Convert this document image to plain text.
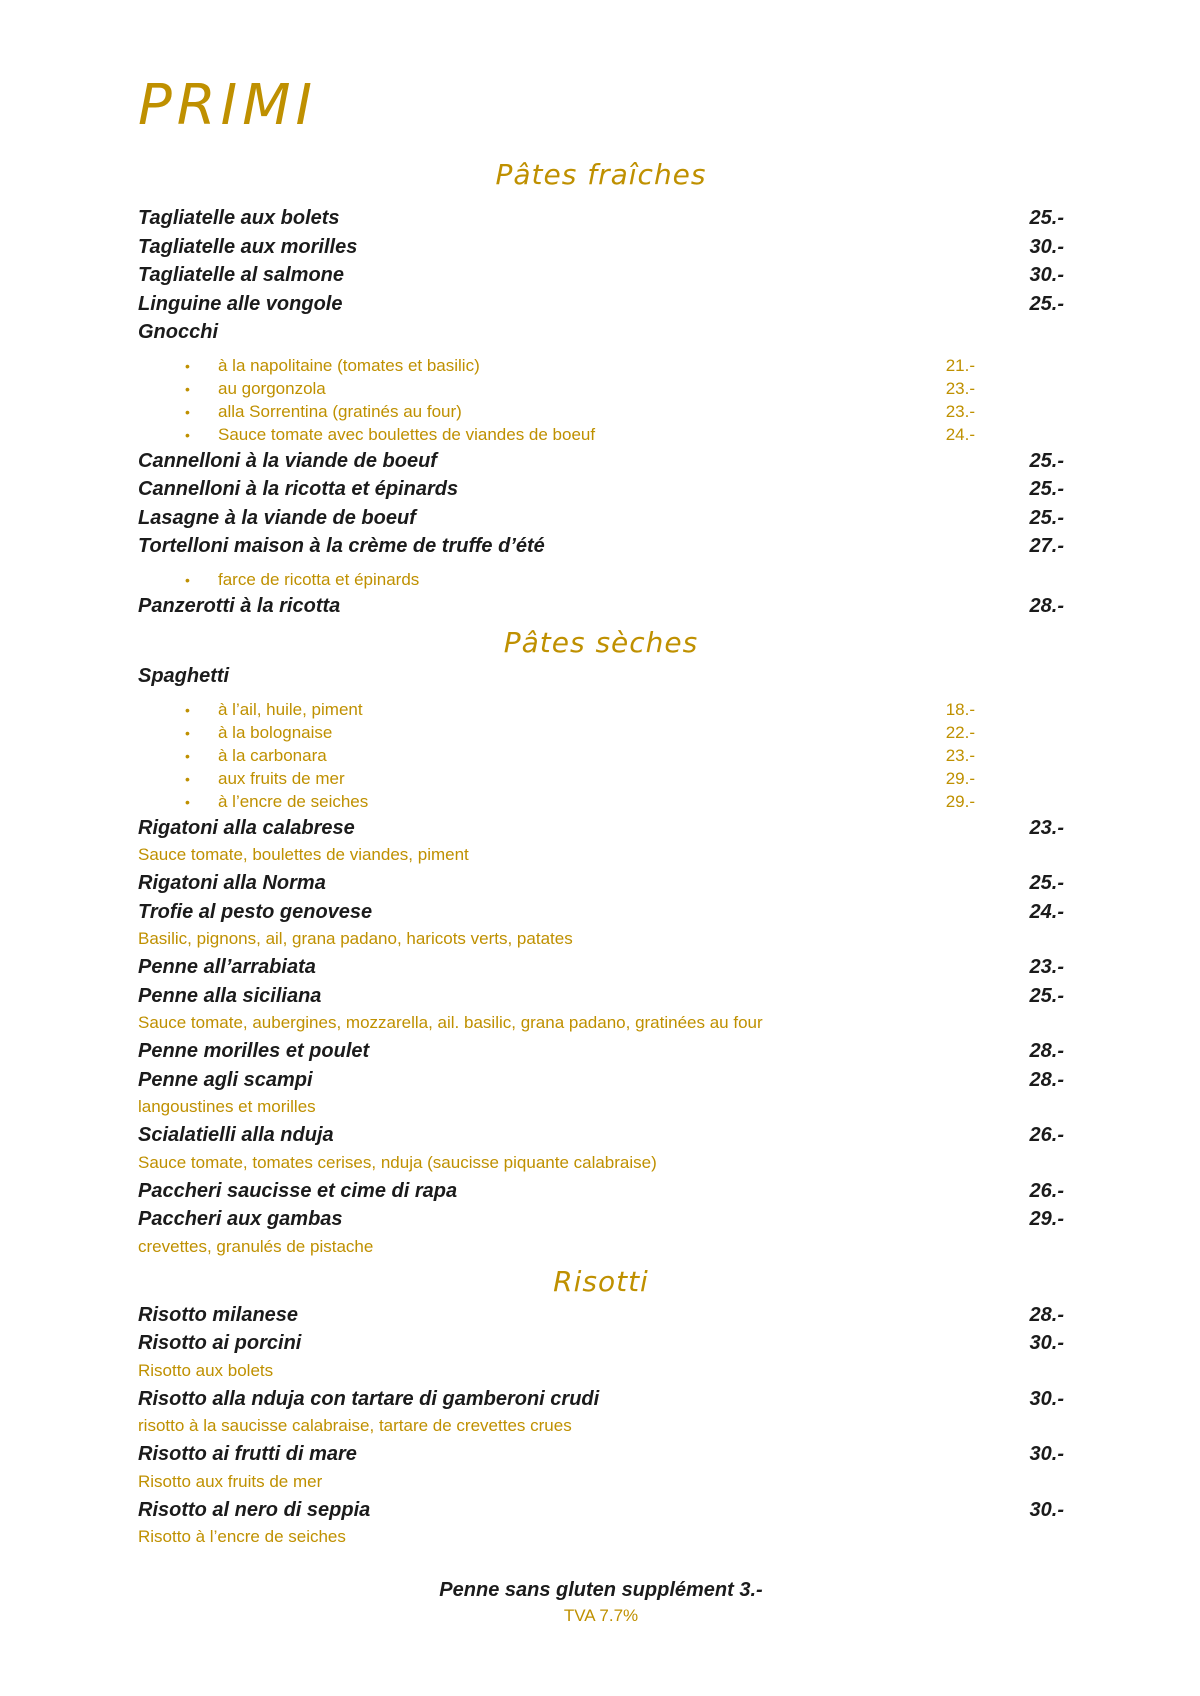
PRIMI
Pâtes fraîches
Tagliatelle aux bolets	25.-
Tagliatelle aux morilles	30.-
Tagliatelle al salmone	30.-
Linguine alle vongole	25.-
Gnocchi
•	à la napolitaine (tomates et basilic)	21.-
•	au gorgonzola	23.-
•	alla Sorrentina (gratinés au four)	23.-
•	Sauce tomate avec boulettes de viandes de boeuf	24.-
Cannelloni à la viande de boeuf	25.-
Cannelloni à la ricotta et épinards	25.-
Lasagne à la viande de boeuf	25.-
Tortelloni maison à la crème de truffe d’été	27.-
•	farce de ricotta et épinards
Panzerotti à la ricotta	28.-
Pâtes sèches
Spaghetti
•	à l’ail, huile, piment	18.-
•	à la bolognaise	22.-
•	à la carbonara	23.-
•	aux fruits de mer	29.-
•	à l’encre de seiches	29.-
Rigatoni alla calabrese	23.-
Sauce tomate, boulettes de viandes, piment
Rigatoni alla Norma	25.-
Trofie al pesto genovese	24.-
Basilic, pignons, ail, grana padano, haricots verts, patates
Penne all’arrabiata	23.-
Penne alla siciliana	25.-
Sauce tomate, aubergines, mozzarella, ail. basilic, grana padano, gratinées au four
Penne morilles et poulet	28.-
Penne agli scampi	28.-
langoustines et morilles
Scialatielli alla nduja	26.-
Sauce tomate, tomates cerises, nduja (saucisse piquante calabraise)
Paccheri saucisse et cime di rapa	26.-
Paccheri aux gambas	29.-
crevettes, granulés de pistache
Risotti
Risotto milanese	28.-
Risotto ai porcini	30.-
Risotto aux bolets
Risotto alla nduja con tartare di gamberoni crudi	30.-
risotto à la saucisse calabraise, tartare de crevettes crues
Risotto ai frutti di mare	30.-
Risotto aux fruits de mer
Risotto al nero di seppia	30.-
Risotto à l’encre de seiches
Penne sans gluten supplément 3.-
TVA 7.7%
